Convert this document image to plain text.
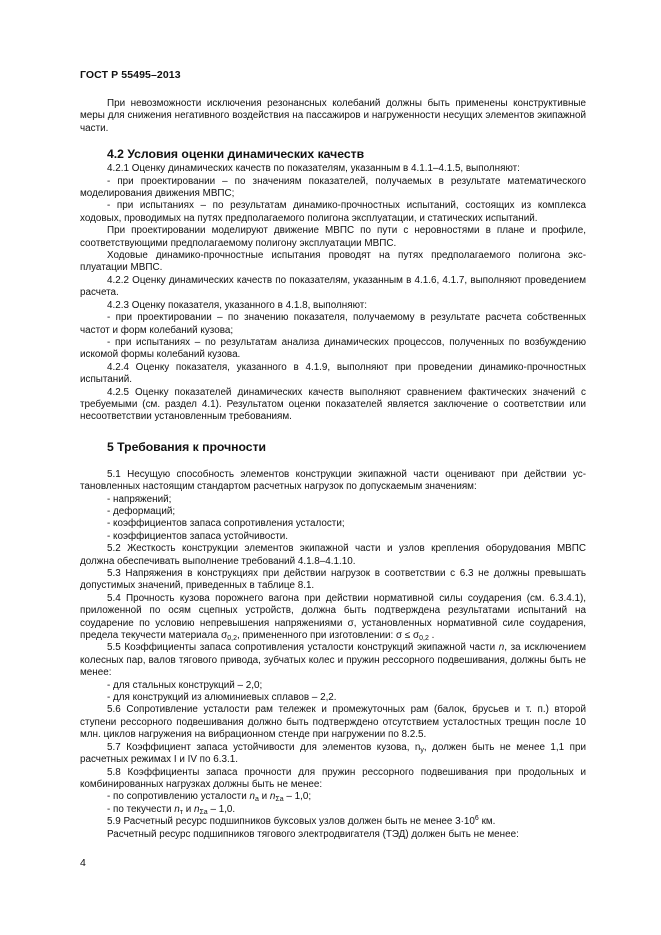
ГОСТ Р 55495–2013

При невозможности исключения резонансных колебаний должны быть применены конструктивные меры для снижения негативного воздействия на пассажиров и нагруженности несущих элементов экипажной части.

4.2 Условия оценки динамических качеств

4.2.1 Оценку динамических качеств по показателям, указанным в 4.1.1–4.1.5, выполняют:

- при проектировании – по значениям показателей, получаемых в результате математического моделирования движения МВПС;

- при испытаниях – по результатам динамико-прочностных испытаний, состоящих из комплекса ходовых, проводимых на путях предполагаемого полигона эксплуатации, и статических испытаний.

При проектировании моделируют движение МВПС по пути с неровностями в плане и профиле, соответствующими предполагаемому полигону эксплуатации МВПС.

Ходовые динамико-прочностные испытания проводят на путях предполагаемого полигона эксплуатации МВПС.

4.2.2 Оценку динамических качеств по показателям, указанным в 4.1.6, 4.1.7, выполняют проведением расчета.

4.2.3 Оценку показателя, указанного в 4.1.8, выполняют:

- при проектировании – по значению показателя, получаемому в результате расчета собственных частот и форм колебаний кузова;

- при испытаниях – по результатам анализа динамических процессов, полученных по возбуждению искомой формы колебаний кузова.

4.2.4 Оценку показателя, указанного в 4.1.9, выполняют при проведении динамико-прочностных испытаний.

4.2.5 Оценку показателей динамических качеств выполняют сравнением фактических значений с требуемыми (см. раздел 4.1). Результатом оценки показателей является заключение о соответствии или несоответствии установленным требованиям.

5 Требования к прочности

5.1 Несущую способность элементов конструкции экипажной части оценивают при действии установленных настоящим стандартом расчетных нагрузок по допускаемым значениям:

- напряжений;

- деформаций;

- коэффициентов запаса сопротивления усталости;

- коэффициентов запаса устойчивости.

5.2 Жесткость конструкции элементов экипажной части и узлов крепления оборудования МВПС должна обеспечивать выполнение требований 4.1.8–4.1.10.

5.3 Напряжения в конструкциях при действии нагрузок в соответствии с 6.3 не должны превышать допустимых значений, приведенных в таблице 8.1.

5.4 Прочность кузова порожнего вагона при действии нормативной силы соударения (см. 6.3.4.1), приложенной по осям сцепных устройств, должна быть подтверждена результатами испытаний на соударение по условию непревышения напряжениями σ, установленных нормативной силе соударения, предела текучести материала $\sigma_{0,2}$, примененного при изготовлении: $\sigma \le \sigma_{0,2}$ .

5.5 Коэффициенты запаса сопротивления усталости конструкций экипажной части n, за исключением колесных пар, валов тягового привода, зубчатых колес и пружин рессорного подвешивания, должны быть не менее:

- для стальных конструкций – 2,0;

- для конструкций из алюминиевых сплавов – 2,2.

5.6 Сопротивление усталости рам тележек и промежуточных рам (балок, брусьев и т. п.) второй ступени рессорного подвешивания должно быть подтверждено отсутствием усталостных трещин после 10 млн. циклов нагружения на вибрационном стенде при нагружении по 8.2.5.

5.7 Коэффициент запаса устойчивости для элементов кузова, $n_y$, должен быть не менее 1,1 при расчетных режимах I и IV по 6.3.1.

5.8 Коэффициенты запаса прочности для пружин рессорного подвешивания при продольных и комбинированных нагрузках должны быть не менее:

- по сопротивлению усталости $n_a$ и $n_{\Sigma a} - 1,0$;

- по текучести $n_т$ и $n_{\Sigma a} - 1,0$.

5.9 Расчетный ресурс подшипников буксовых узлов должен быть не менее $3\cdot 10^6$ км.

Расчетный ресурс подшипников тягового электродвигателя (ТЭД) должен быть не менее:

4
